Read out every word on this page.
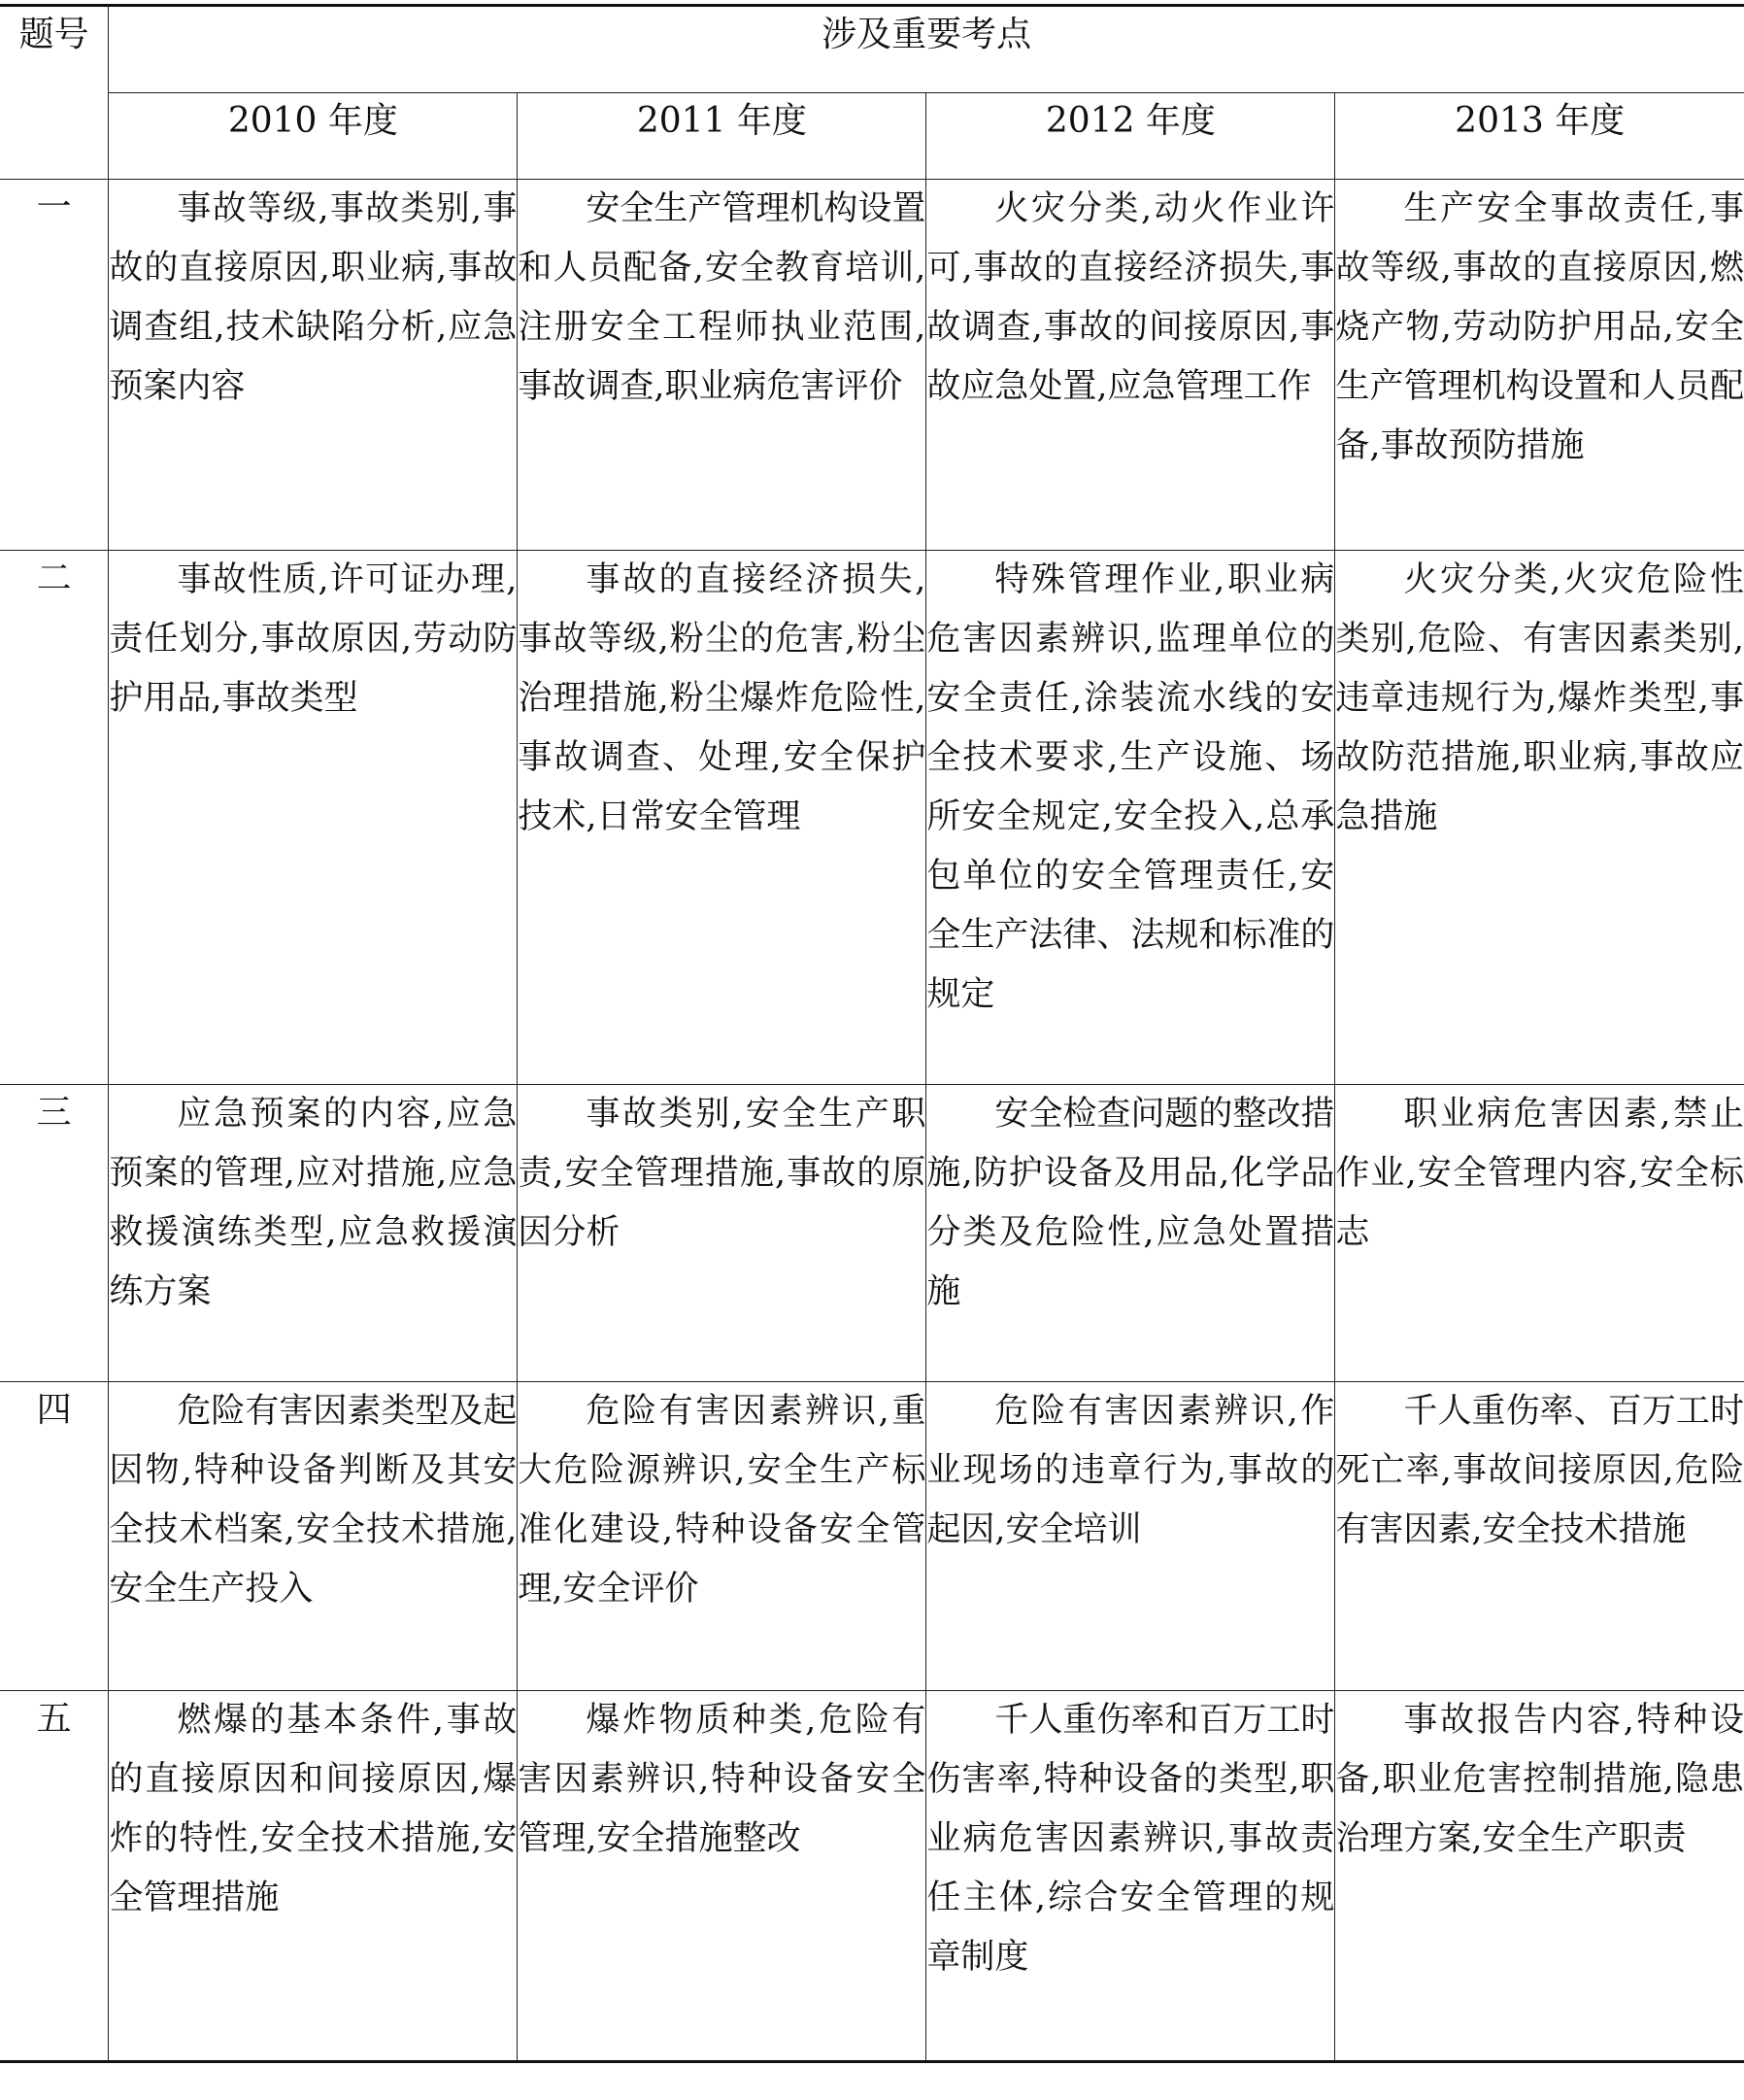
题号	涉及重要考点			
	2010 年度	2011 年度	2012 年度	2013 年度
一	事故等级,事故类别,事故的直接原因,职业病,事故调查组,技术缺陷分析,应急预案内容	安全生产管理机构设置和人员配备,安全教育培训,注册安全工程师执业范围,事故调查,职业病危害评价	火灾分类,动火作业许可,事故的直接经济损失,事故调查,事故的间接原因,事故应急处置,应急管理工作	生产安全事故责任,事故等级,事故的直接原因,燃烧产物,劳动防护用品,安全生产管理机构设置和人员配备,事故预防措施
二	事故性质,许可证办理,责任划分,事故原因,劳动防护用品,事故类型	事故的直接经济损失,事故等级,粉尘的危害,粉尘治理措施,粉尘爆炸危险性,事故调查、处理,安全保护技术,日常安全管理	特殊管理作业,职业病危害因素辨识,监理单位的安全责任,涂装流水线的安全技术要求,生产设施、场所安全规定,安全投入,总承包单位的安全管理责任,安全生产法律、法规和标准的规定	火灾分类,火灾危险性类别,危险、有害因素类别,违章违规行为,爆炸类型,事故防范措施,职业病,事故应急措施
三	应急预案的内容,应急预案的管理,应对措施,应急救援演练类型,应急救援演练方案	事故类别,安全生产职责,安全管理措施,事故的原因分析	安全检查问题的整改措施,防护设备及用品,化学品分类及危险性,应急处置措施	职业病危害因素,禁止作业,安全管理内容,安全标志
四	危险有害因素类型及起因物,特种设备判断及其安全技术档案,安全技术措施,安全生产投入	危险有害因素辨识,重大危险源辨识,安全生产标准化建设,特种设备安全管理,安全评价	危险有害因素辨识,作业现场的违章行为,事故的起因,安全培训	千人重伤率、百万工时死亡率,事故间接原因,危险有害因素,安全技术措施
五	燃爆的基本条件,事故的直接原因和间接原因,爆炸的特性,安全技术措施,安全管理措施	爆炸物质种类,危险有害因素辨识,特种设备安全管理,安全措施整改	千人重伤率和百万工时伤害率,特种设备的类型,职业病危害因素辨识,事故责任主体,综合安全管理的规章制度	事故报告内容,特种设备,职业危害控制措施,隐患治理方案,安全生产职责
